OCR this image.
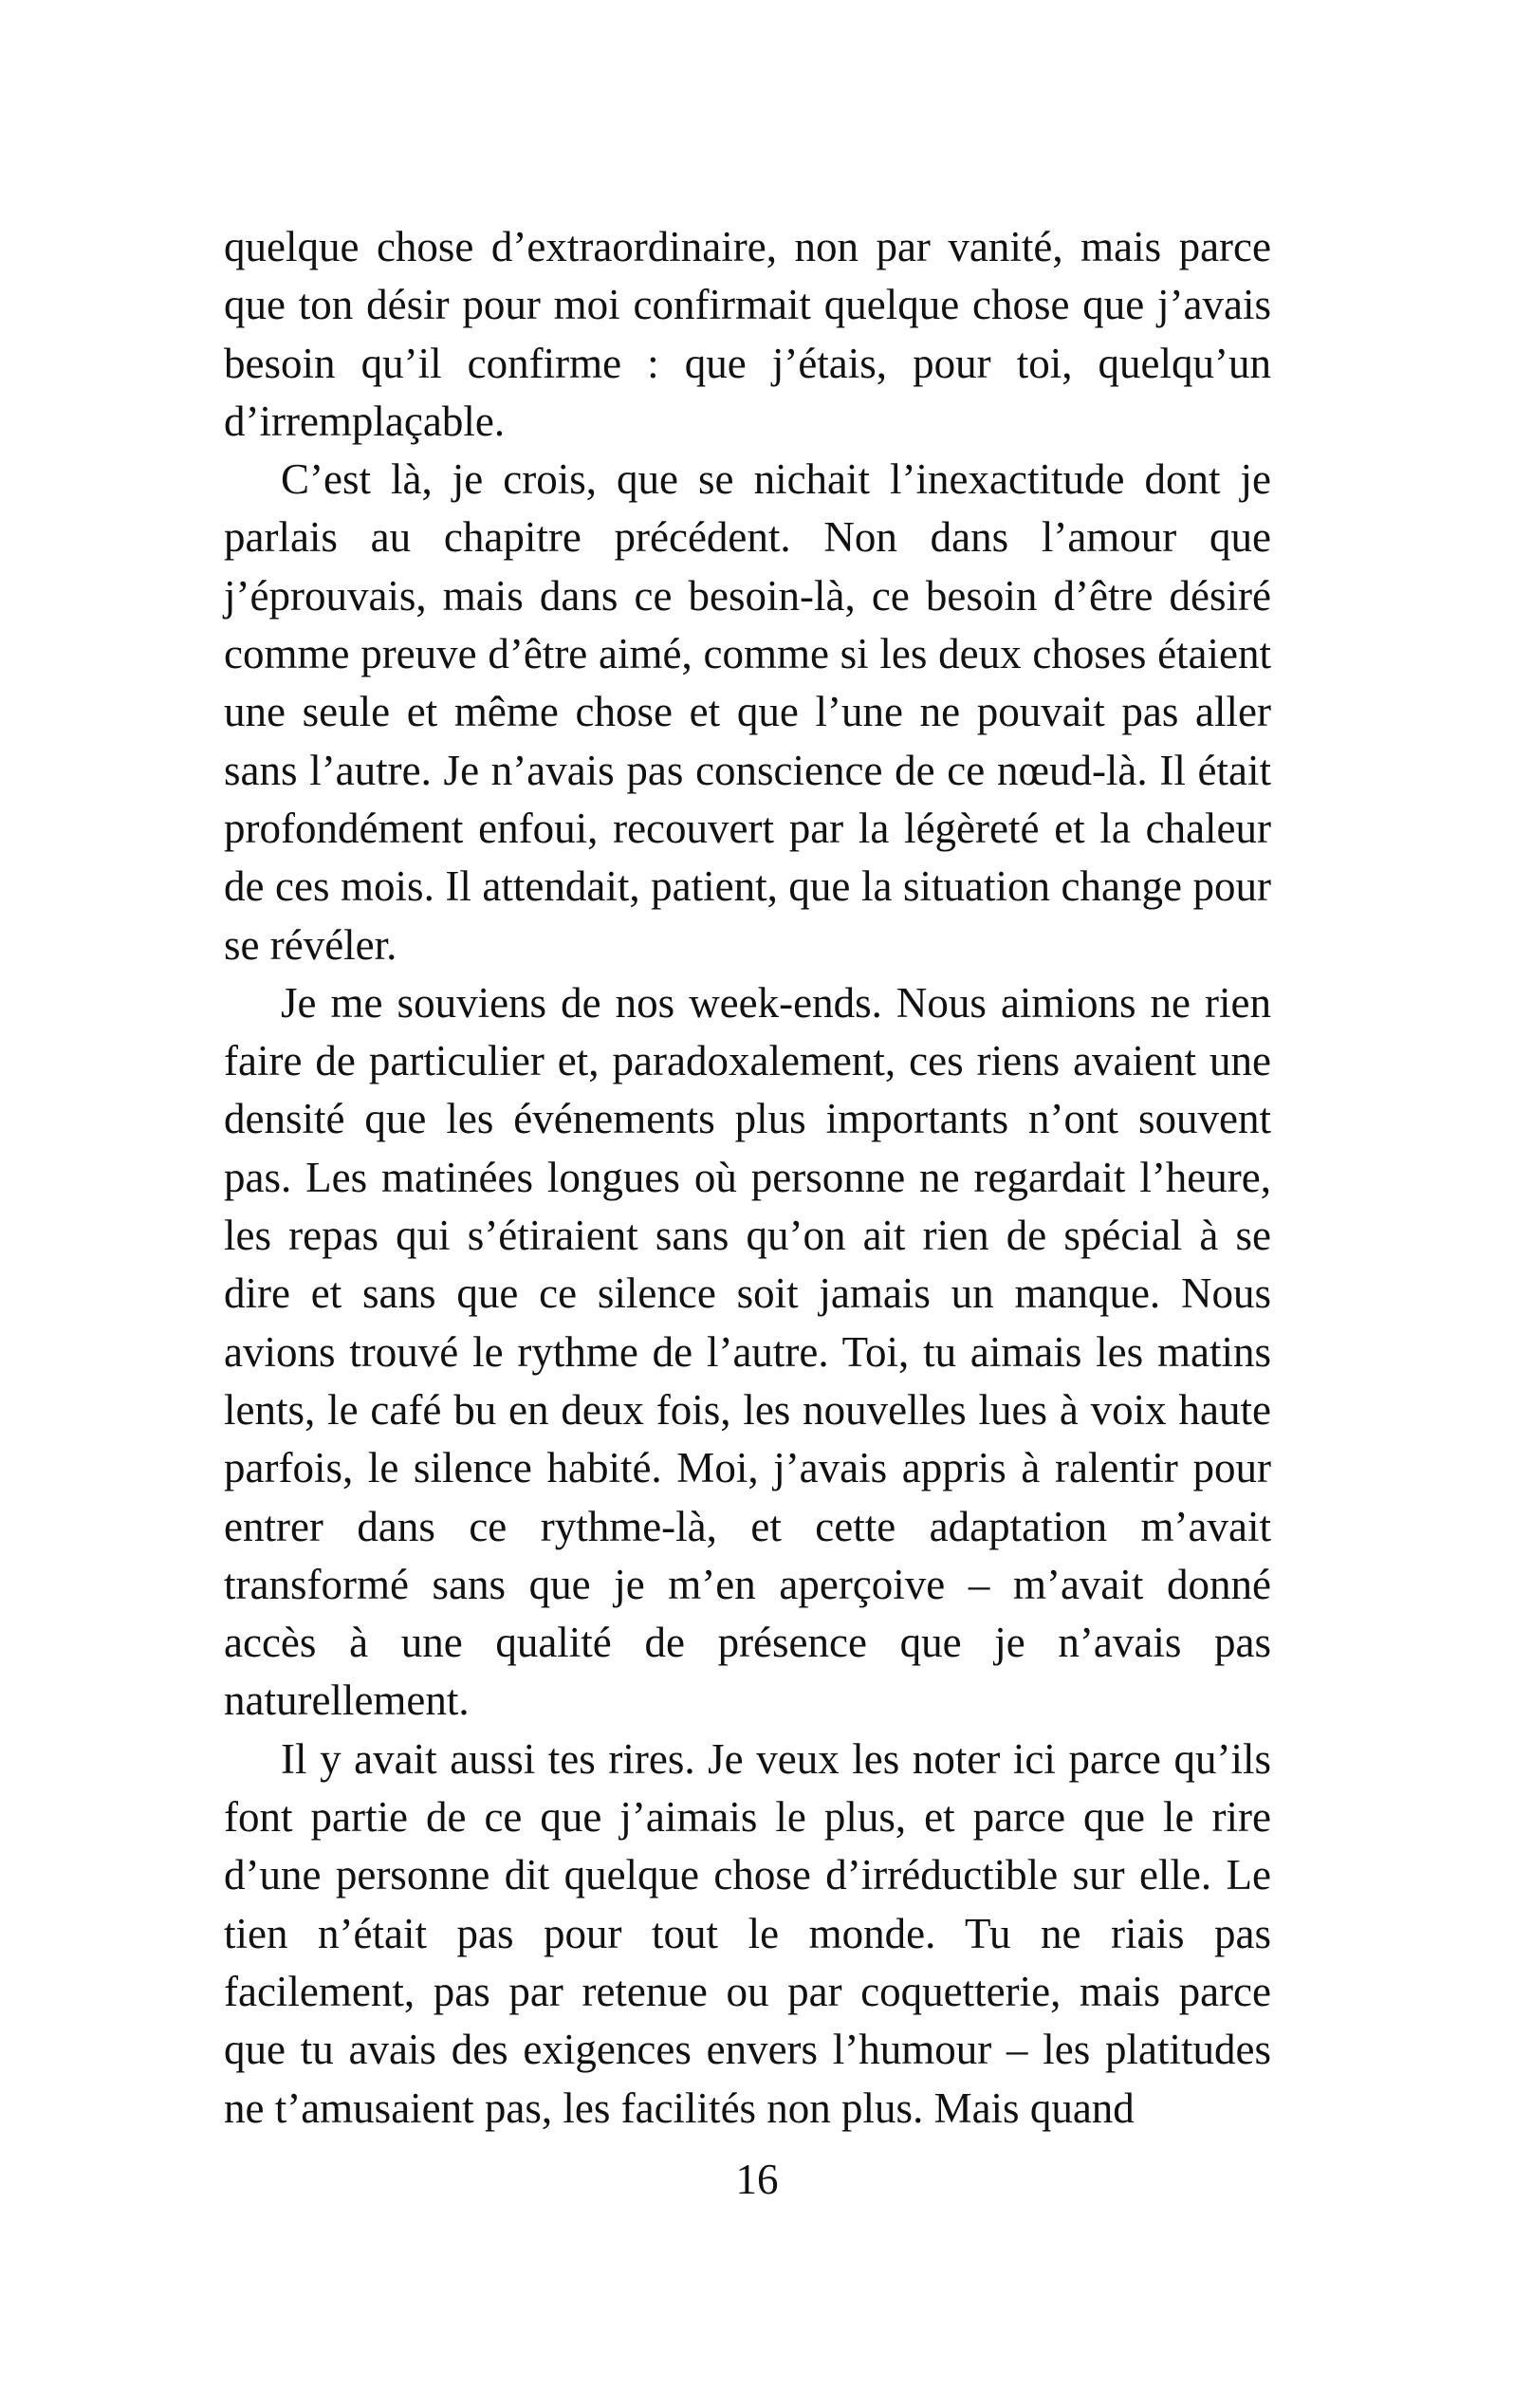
quelque chose d’extraordinaire, non par vanité, mais parce que ton désir pour moi confirmait quelque chose que j’avais besoin qu’il confirme : que j’étais, pour toi, quelqu’un d’irremplaçable.

C’est là, je crois, que se nichait l’inexactitude dont je parlais au chapitre précédent. Non dans l’amour que j’éprouvais, mais dans ce besoin-là, ce besoin d’être désiré comme preuve d’être aimé, comme si les deux choses étaient une seule et même chose et que l’une ne pouvait pas aller sans l’autre. Je n’avais pas conscience de ce nœud-là. Il était profondément enfoui, recouvert par la légèreté et la chaleur de ces mois. Il attendait, patient, que la situation change pour se révéler.

Je me souviens de nos week-ends. Nous aimions ne rien faire de particulier et, paradoxalement, ces riens avaient une densité que les événements plus importants n’ont souvent pas. Les matinées longues où personne ne regardait l’heure, les repas qui s’étiraient sans qu’on ait rien de spécial à se dire et sans que ce silence soit jamais un manque. Nous avions trouvé le rythme de l’autre. Toi, tu aimais les matins lents, le café bu en deux fois, les nouvelles lues à voix haute parfois, le silence habité. Moi, j’avais appris à ralentir pour entrer dans ce rythme-là, et cette adaptation m’avait transformé sans que je m’en aperçoive – m’avait donné accès à une qualité de présence que je n’avais pas naturellement.

Il y avait aussi tes rires. Je veux les noter ici parce qu’ils font partie de ce que j’aimais le plus, et parce que le rire d’une personne dit quelque chose d’irréductible sur elle. Le tien n’était pas pour tout le monde. Tu ne riais pas facilement, pas par retenue ou par coquetterie, mais parce que tu avais des exigences envers l’humour – les platitudes ne t’amusaient pas, les facilités non plus. Mais quand

16
